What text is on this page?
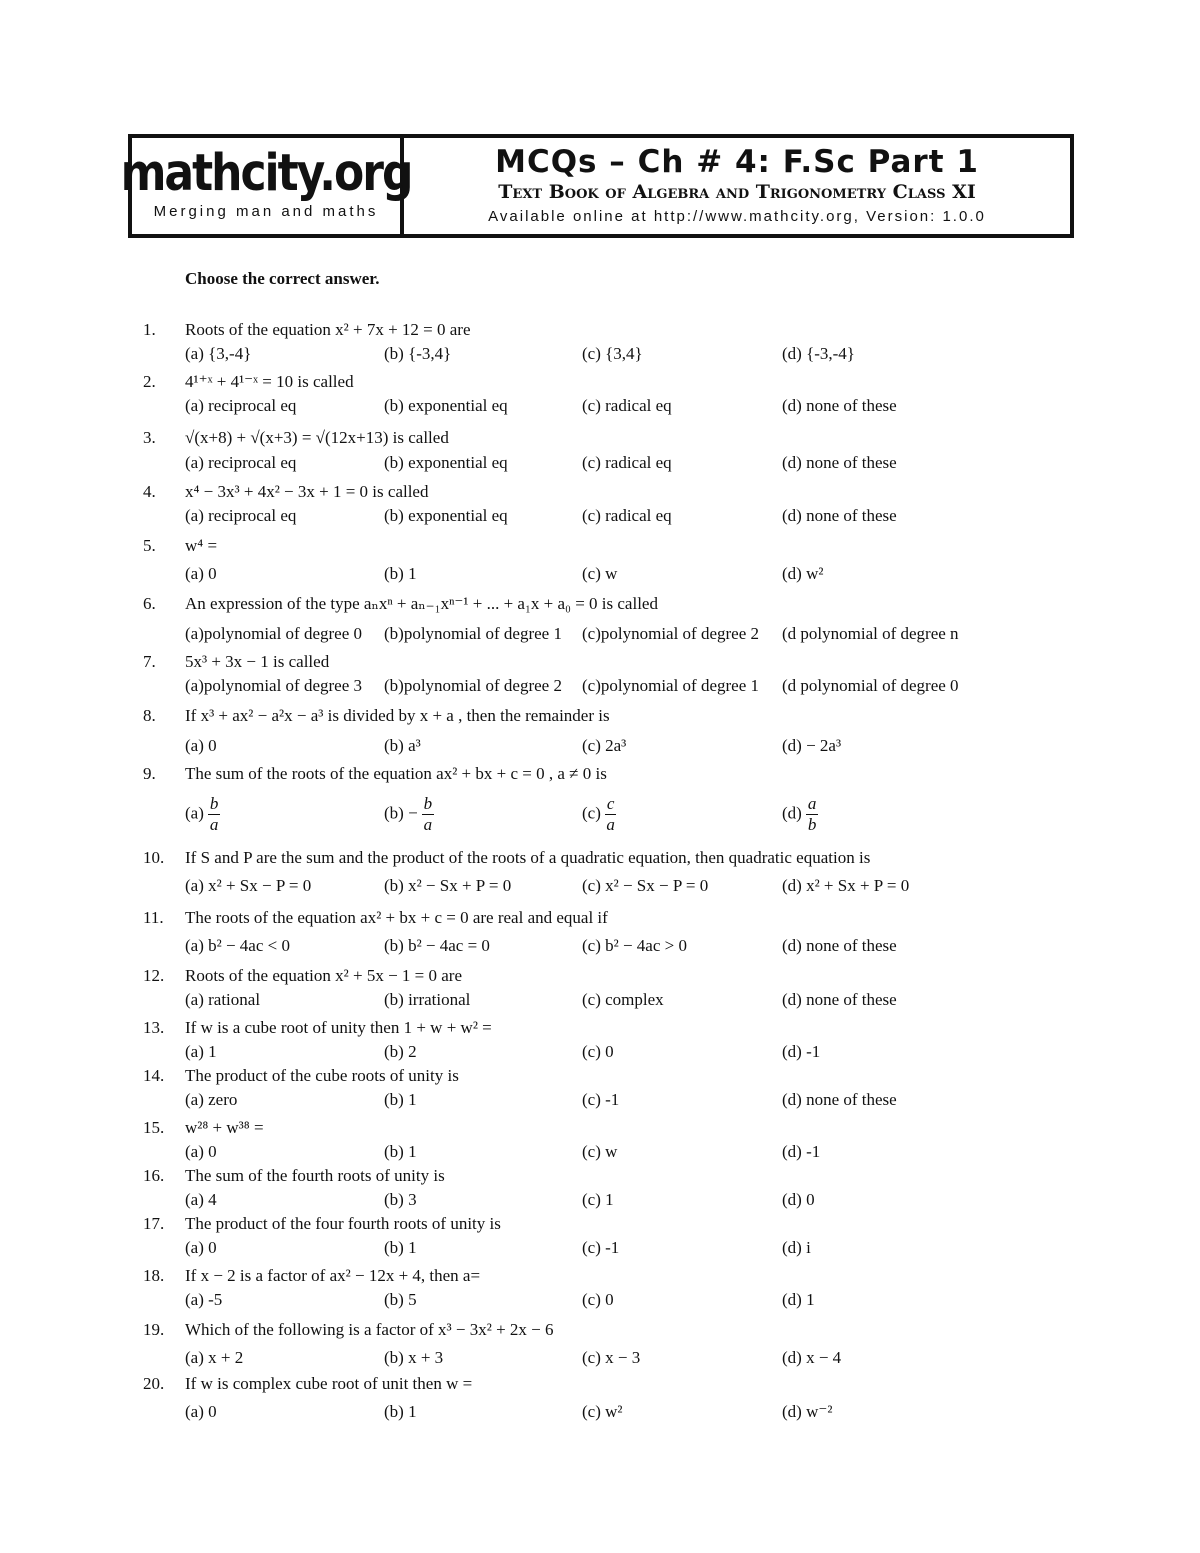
mathcity.org
Merging man and maths
MCQs – Ch # 4: F.Sc Part 1
Text Book of Algebra and Trigonometry Class XI
Available online at http://www.mathcity.org, Version: 1.0.0
Choose the correct answer.
1.	Roots of the equation x² + 7x + 12 = 0 are
(a) {3,-4}	(b) {-3,4}	(c) {3,4}	(d) {-3,-4}
2.	4¹⁺ˣ + 4¹⁻ˣ = 10 is called
(a) reciprocal eq	(b) exponential eq	(c) radical eq	(d) none of these
3.	√(x+8) + √(x+3) = √(12x+13) is called
(a) reciprocal eq	(b) exponential eq	(c) radical eq	(d) none of these
4.	x⁴ − 3x³ + 4x² − 3x + 1 = 0 is called
(a) reciprocal eq	(b) exponential eq	(c) radical eq	(d) none of these
5.	w⁴ =
(a) 0	(b) 1	(c) w	(d) w²
6.	An expression of the type aₙxⁿ + aₙ₋₁xⁿ⁻¹ + ... + a₁x + a₀ = 0 is called
(a)polynomial of degree 0 (b)polynomial of degree 1 (c)polynomial of degree 2 (d polynomial of degree n
7.	5x³ + 3x − 1 is called
(a)polynomial of degree 3 (b)polynomial of degree 2 (c)polynomial of degree 1 (d polynomial of degree 0
8.	If x³ + ax² − a²x − a³ is divided by x + a , then the remainder is
(a) 0	(b) a³	(c) 2a³	(d) − 2a³
9.	The sum of the roots of the equation ax² + bx + c = 0 , a ≠ 0 is
$(a) \frac{b}{a}$	$(b) - \frac{b}{a}$	$(c) \frac{c}{a}$	$(d) \frac{a}{b}$
10.	If S and P are the sum and the product of the roots of a quadratic equation, then quadratic equation is
(a) x² + Sx − P = 0	(b) x² − Sx + P = 0	(c) x² − Sx − P = 0	(d) x² + Sx + P = 0
11.	The roots of the equation ax² + bx + c = 0 are real and equal if
(a) b² − 4ac < 0	(b) b² − 4ac = 0	(c) b² − 4ac > 0	(d) none of these
12.	Roots of the equation x² + 5x − 1 = 0 are
(a) rational	(b) irrational	(c) complex	(d) none of these
13.	If w is a cube root of unity then 1 + w + w² =
(a) 1	(b) 2	(c) 0	(d) -1
14.	The product of the cube roots of unity is
(a) zero	(b) 1	(c) -1	(d) none of these
15.	w²⁸ + w³⁸ =
(a) 0	(b) 1	(c) w	(d) -1
16.	The sum of the fourth roots of unity is
(a) 4	(b) 3	(c) 1	(d) 0
17.	The product of the four fourth roots of unity is
(a) 0	(b) 1	(c) -1	(d) i
18.	If x − 2 is a factor of ax² − 12x + 4, then a=
(a) -5	(b) 5	(c) 0	(d) 1
19.	Which of the following is a factor of x³ − 3x² + 2x − 6
(a) x + 2	(b) x + 3	(c) x − 3	(d) x − 4
20.	If w is complex cube root of unit then w =
(a) 0	(b) 1	(c) w²	(d) w⁻²
